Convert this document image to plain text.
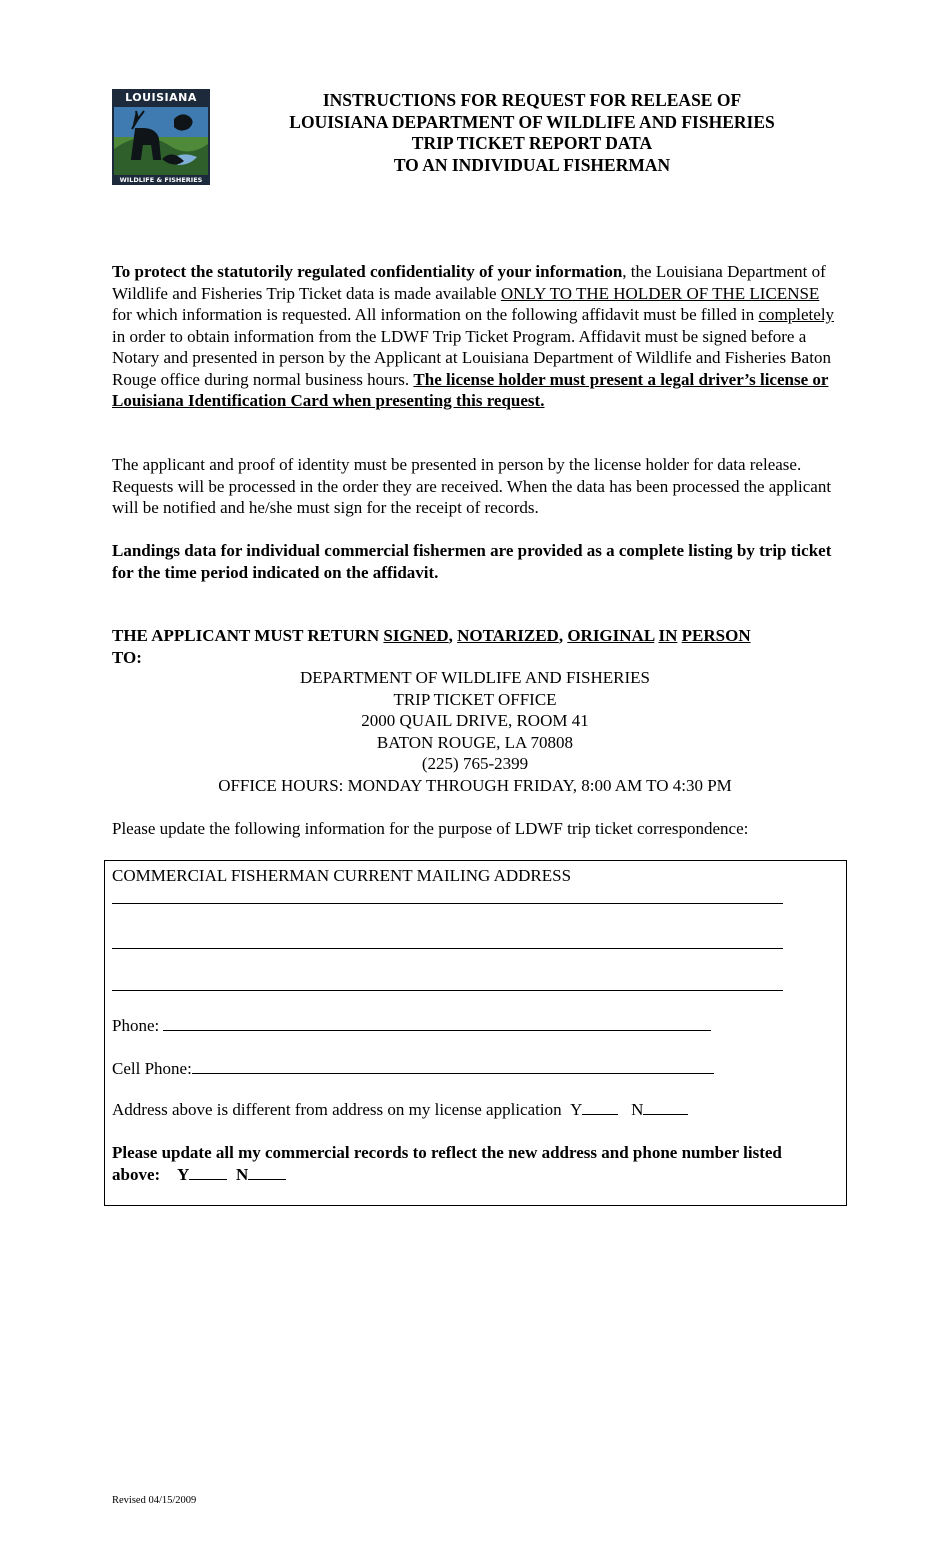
LOUISIANA
WILDLIFE & FISHERIES
INSTRUCTIONS FOR REQUEST FOR RELEASE OF
LOUISIANA DEPARTMENT OF WILDLIFE AND FISHERIES
TRIP TICKET REPORT DATA
TO AN INDIVIDUAL FISHERMAN

To protect the statutorily regulated confidentiality of your information, the Louisiana Department of Wildlife and Fisheries Trip Ticket data is made available ONLY TO THE HOLDER OF THE LICENSE for which information is requested. All information on the following affidavit must be filled in completely in order to obtain information from the LDWF Trip Ticket Program. Affidavit must be signed before a Notary and presented in person by the Applicant at Louisiana Department of Wildlife and Fisheries Baton Rouge office during normal business hours. The license holder must present a legal driver’s license or Louisiana Identification Card when presenting this request.

The applicant and proof of identity must be presented in person by the license holder for data release. Requests will be processed in the order they are received. When the data has been processed the applicant will be notified and he/she must sign for the receipt of records.
Landings data for individual commercial fishermen are provided as a complete listing by trip ticket for the time period indicated on the affidavit.
THE APPLICANT MUST RETURN SIGNED, NOTARIZED, ORIGINAL IN PERSON
TO:
DEPARTMENT OF WILDLIFE AND FISHERIES
TRIP TICKET OFFICE
2000 QUAIL DRIVE, ROOM 41
BATON ROUGE, LA 70808
(225) 765-2399
OFFICE HOURS: MONDAY THROUGH FRIDAY, 8:00 AM TO 4:30 PM
Please update the following information for the purpose of LDWF trip ticket correspondence:
COMMERCIAL FISHERMAN CURRENT MAILING ADDRESS
Phone:
Cell Phone:
Address above is different from address on my license application Y	N
Please update all my commercial records to reflect the new address and phone number listed above: Y	N
Revised 04/15/2009
